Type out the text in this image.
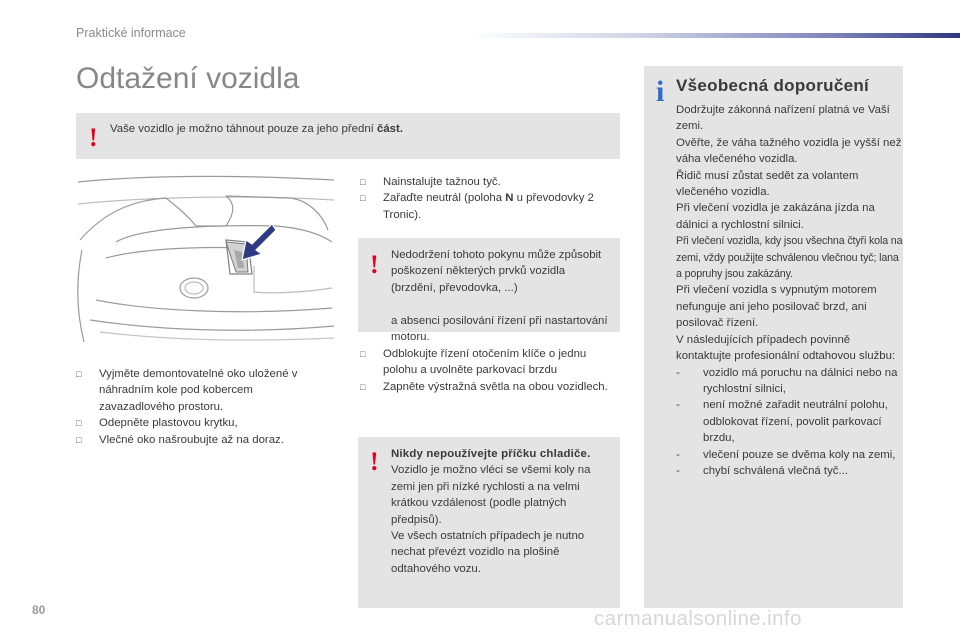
Praktické informace
Odtažení vozidla
! Vaše vozidlo je možno táhnout pouze za jeho přední část.
□ Vyjměte demontovatelné oko uložené v náhradním kole pod kobercem zavazadlového prostoru.
□ Odepněte plastovou krytku,
□ Vlečné oko našroubujte až na doraz.
□ Nainstalujte tažnou tyč.
□ Zařaďte neutrál (poloha N u převodovky 2 Tronic).
! Nedodržení tohoto pokynu může způsobit poškození některých prvků vozidla (brzdění, převodovka, ...)

a absenci posilování řízení při nastartování motoru.

□ Odblokujte řízení otočením klíče o jednu polohu a uvolněte parkovací brzdu
□ Zapněte výstražná světla na obou vozidlech.
! Nikdy nepoužívejte příčku chladiče.

Vozidlo je možno vléci se všemi koly na zemi jen při nízké rychlosti a na velmi krátkou vzdálenost (podle platných předpisů).

Ve všech ostatních případech je nutno nechat převézt vozidlo na plošině odtahového vozu.

i Všeobecná doporučení

Dodržujte zákonná nařízení platná ve Vaší zemi.

Ověřte, že váha tažného vozidla je vyšší než váha vlečeného vozidla.

Řidič musí zůstat sedět za volantem vlečeného vozidla.

Při vlečení vozidla je zakázána jízda na dálnici a rychlostní silnici.

Při vlečení vozidla, kdy jsou všechna čtyři kola na zemi, vždy použijte schválenou vlečnou tyč; lana a popruhy jsou zakázány.

Při vlečení vozidla s vypnutým motorem nefunguje ani jeho posilovač brzd, ani posilovač řízení.

V následujících případech povinně kontaktujte profesionální odtahovou službu:

- vozidlo má poruchu na dálnici nebo na rychlostní silnici,
- není možné zařadit neutrální polohu, odblokovat řízení, povolit parkovací brzdu,
- vlečení pouze se dvěma koly na zemi,
- chybí schválená vlečná tyč...
80	carmanualsonline.info
